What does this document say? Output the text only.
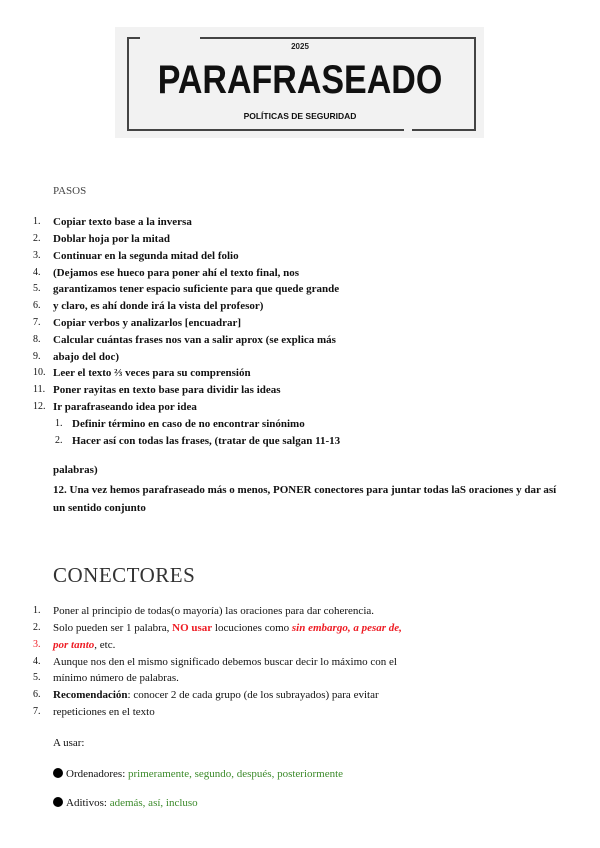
2025
PARAFRASEADO
POLÍTICAS DE SEGURIDAD
PASOS
1. Copiar texto base a la inversa
2. Doblar hoja por la mitad
3. Continuar en la segunda mitad del folio
4. (Dejamos ese hueco para poner ahí el texto final, nos
5. garantizamos tener espacio suficiente para que quede grande
6. y claro, es ahí donde irá la vista del profesor)
7. Copiar verbos y analizarlos [encuadrar]
8. Calcular cuántas frases nos van a salir aprox (se explica más
9. abajo del doc)
10. Leer el texto ⅔ veces para su comprensión
11. Poner rayitas en texto base para dividir las ideas
12. Ir parafraseando idea por idea
1. Definir término en caso de no encontrar sinónimo
2. Hacer así con todas las frases, (tratar de que salgan 11-13
palabras)
12. Una vez hemos parafraseado más o menos, PONER conectores para juntar todas laS oraciones y dar así
un sentido conjunto
CONECTORES
1. Poner al principio de todas(o mayoría) las oraciones para dar coherencia.
2. Solo pueden ser 1 palabra, NO usar locuciones como sin embargo, a pesar de,
3. por tanto, etc.
4. Aunque nos den el mismo significado debemos buscar decir lo máximo con el
5. mínimo número de palabras.
6. Recomendación: conocer 2 de cada grupo (de los subrayados) para evitar
7. repeticiones en el texto
A usar:
Ordenadores: primeramente, segundo, después, posteriormente
Aditivos: además, así, incluso
